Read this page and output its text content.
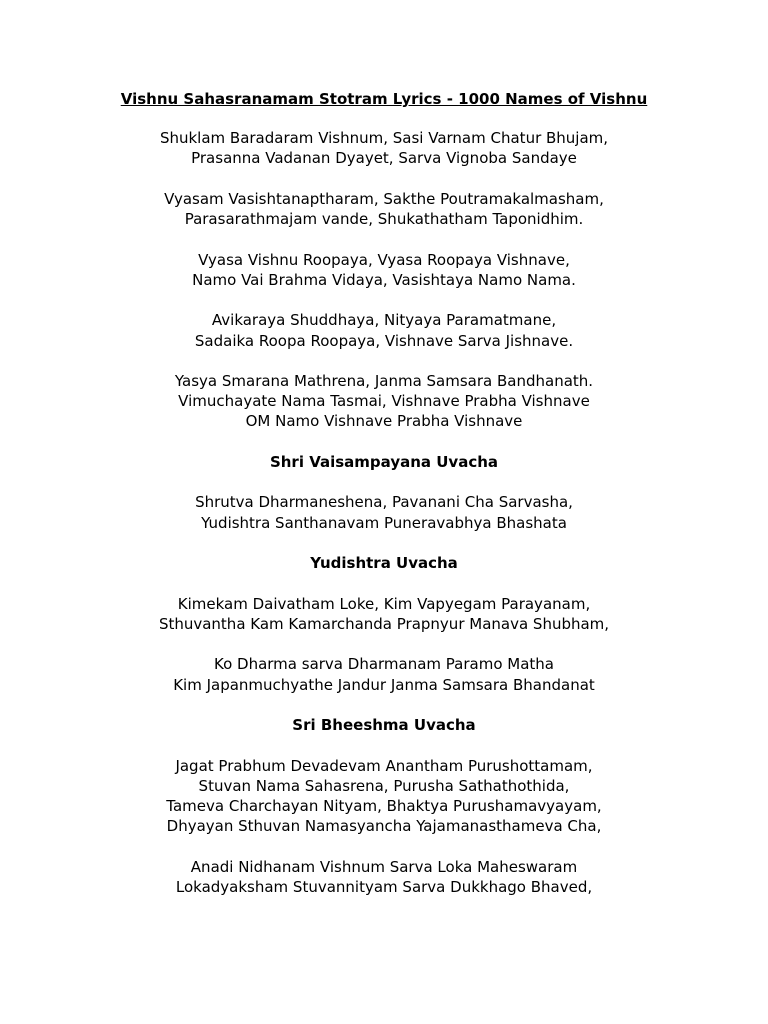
Vishnu Sahasranamam Stotram Lyrics - 1000 Names of Vishnu
Shuklam Baradaram Vishnum, Sasi Varnam Chatur Bhujam,
Prasanna Vadanan Dyayet, Sarva Vignoba Sandaye
Vyasam Vasishtanaptharam, Sakthe Poutramakalmasham,
Parasarathmajam vande, Shukathatham Taponidhim.
Vyasa Vishnu Roopaya, Vyasa Roopaya Vishnave,
Namo Vai Brahma Vidaya, Vasishtaya Namo Nama.
Avikaraya Shuddhaya, Nityaya Paramatmane,
Sadaika Roopa Roopaya, Vishnave Sarva Jishnave.
Yasya Smarana Mathrena, Janma Samsara Bandhanath.
Vimuchayate Nama Tasmai, Vishnave Prabha Vishnave
OM Namo Vishnave Prabha Vishnave
Shri Vaisampayana Uvacha
Shrutva Dharmaneshena, Pavanani Cha Sarvasha,
Yudishtra Santhanavam Puneravabhya Bhashata
Yudishtra Uvacha
Kimekam Daivatham Loke, Kim Vapyegam Parayanam,
Sthuvantha Kam Kamarchanda Prapnyur Manava Shubham,
Ko Dharma sarva Dharmanam Paramo Matha
Kim Japanmuchyathe Jandur Janma Samsara Bhandanat
Sri Bheeshma Uvacha
Jagat Prabhum Devadevam Anantham Purushottamam,
Stuvan Nama Sahasrena, Purusha Sathathothida,
Tameva Charchayan Nityam, Bhaktya Purushamavyayam,
Dhyayan Sthuvan Namasyancha Yajamanasthameva Cha,
Anadi Nidhanam Vishnum Sarva Loka Maheswaram
Lokadyaksham Stuvannityam Sarva Dukkhago Bhaved,
